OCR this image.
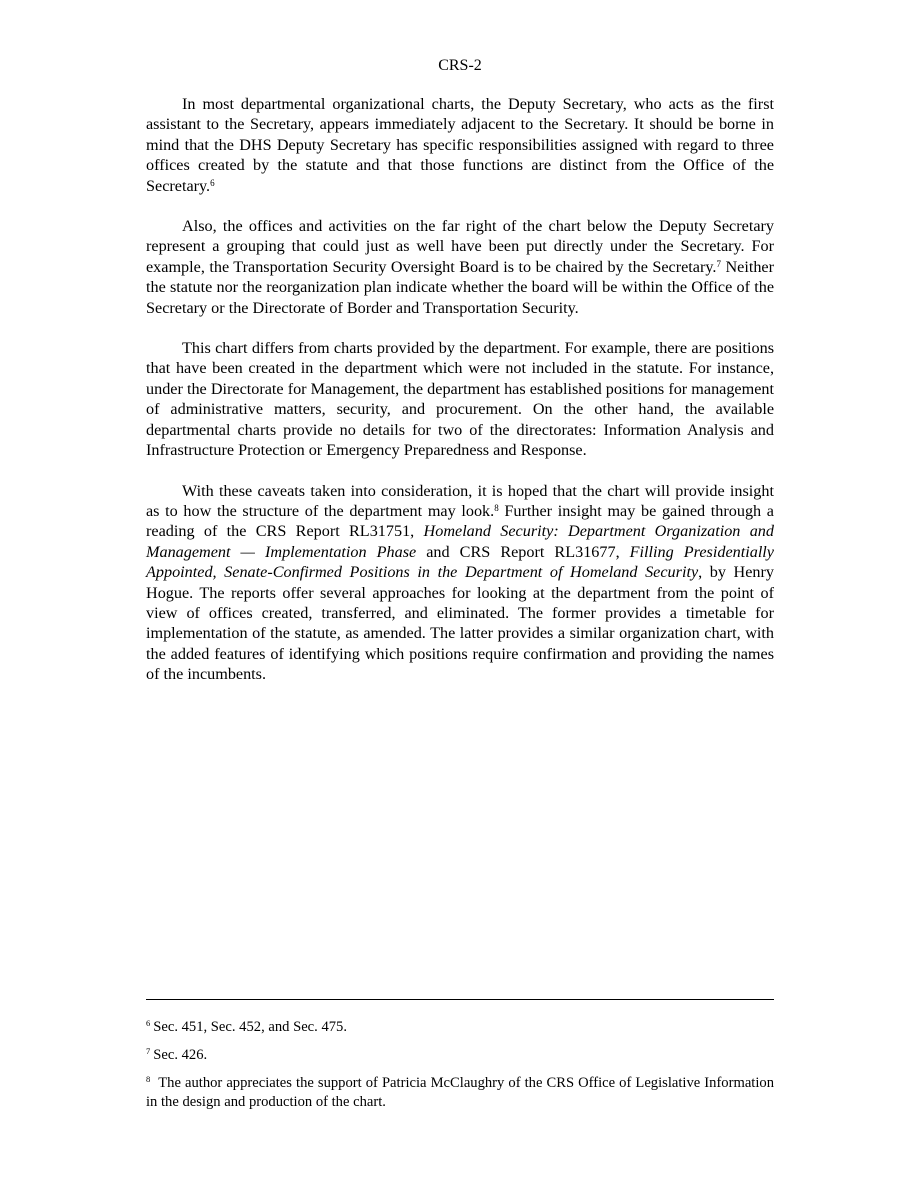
CRS-2

In most departmental organizational charts, the Deputy Secretary, who acts as the first assistant to the Secretary, appears immediately adjacent to the Secretary. It should be borne in mind that the DHS Deputy Secretary has specific responsibilities assigned with regard to three offices created by the statute and that those functions are distinct from the Office of the Secretary.$^6$

Also, the offices and activities on the far right of the chart below the Deputy Secretary represent a grouping that could just as well have been put directly under the Secretary. For example, the Transportation Security Oversight Board is to be chaired by the Secretary.$^7$ Neither the statute nor the reorganization plan indicate whether the board will be within the Office of the Secretary or the Directorate of Border and Transportation Security.

This chart differs from charts provided by the department. For example, there are positions that have been created in the department which were not included in the statute. For instance, under the Directorate for Management, the department has established positions for management of administrative matters, security, and procurement. On the other hand, the available departmental charts provide no details for two of the directorates: Information Analysis and Infrastructure Protection or Emergency Preparedness and Response.

With these caveats taken into consideration, it is hoped that the chart will provide insight as to how the structure of the department may look.$^8$ Further insight may be gained through a reading of the CRS Report RL31751, Homeland Security: Department Organization and Management — Implementation Phase and CRS Report RL31677, Filling Presidentially Appointed, Senate-Confirmed Positions in the Department of Homeland Security, by Henry Hogue. The reports offer several approaches for looking at the department from the point of view of offices created, transferred, and eliminated. The former provides a timetable for implementation of the statute, as amended. The latter provides a similar organization chart, with the added features of identifying which positions require confirmation and providing the names of the incumbents.

$^6$ Sec. 451, Sec. 452, and Sec. 475.

$^7$ Sec. 426.

$^8$ The author appreciates the support of Patricia McClaughry of the CRS Office of Legislative Information in the design and production of the chart.
